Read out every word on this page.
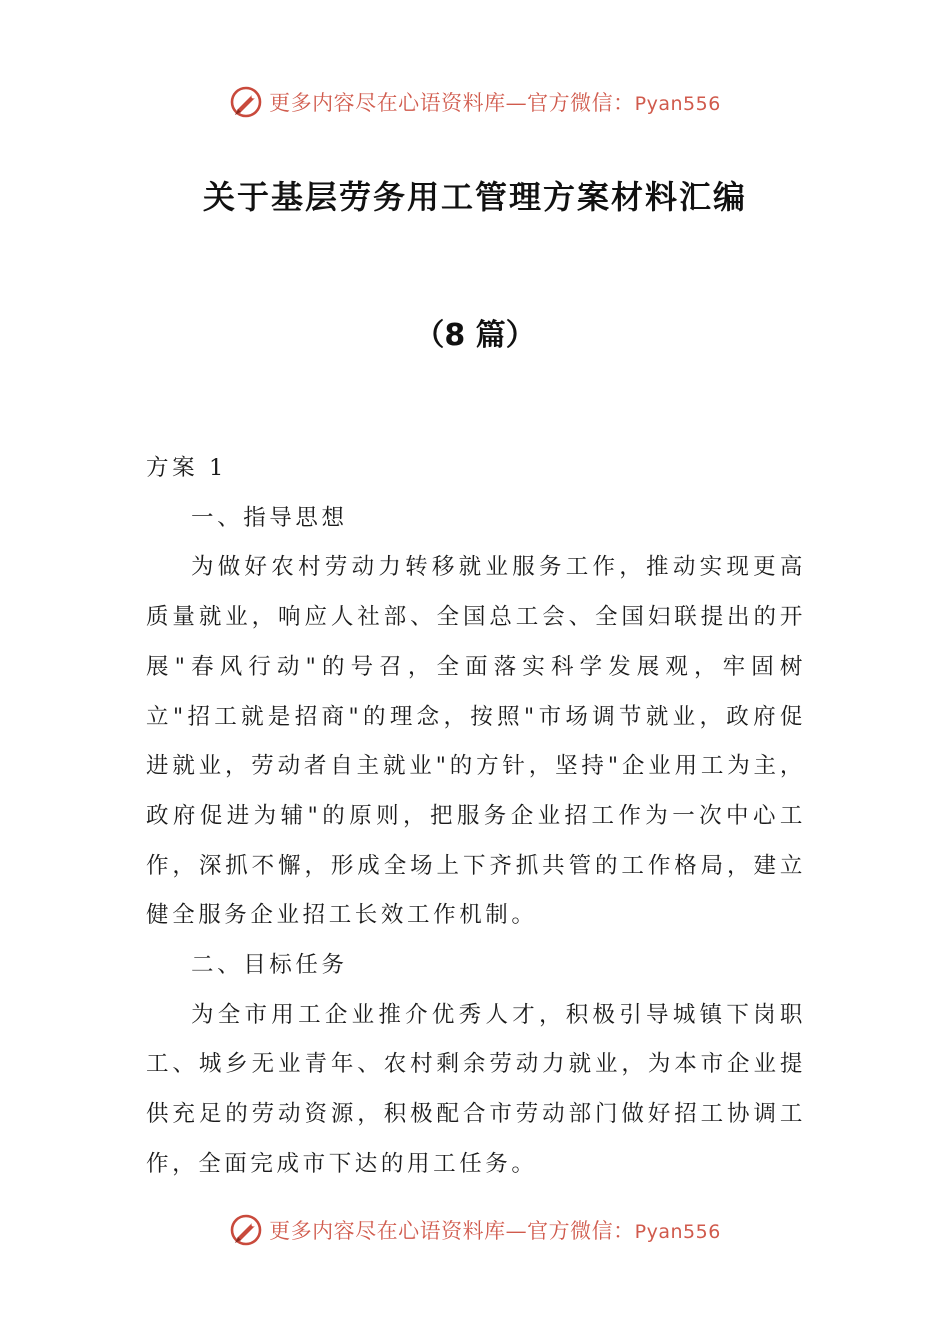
更多内容尽在心语资料库—官方微信：Pyan556
关于基层劳务用工管理方案材料汇编
（8 篇）

方案 1

一、指导思想

为做好农村劳动力转移就业服务工作，推动实现更高质量就业，响应人社部、全国总工会、全国妇联提出的开展"春风行动"的号召，全面落实科学发展观，牢固树立"招工就是招商"的理念，按照"市场调节就业，政府促进就业，劳动者自主就业"的方针，坚持"企业用工为主，政府促进为辅"的原则，把服务企业招工作为一次中心工作，深抓不懈，形成全场上下齐抓共管的工作格局，建立健全服务企业招工长效工作机制。

二、目标任务

为全市用工企业推介优秀人才，积极引导城镇下岗职工、城乡无业青年、农村剩余劳动力就业，为本市企业提供充足的劳动资源，积极配合市劳动部门做好招工协调工作，全面完成市下达的用工任务。

更多内容尽在心语资料库—官方微信：Pyan556
